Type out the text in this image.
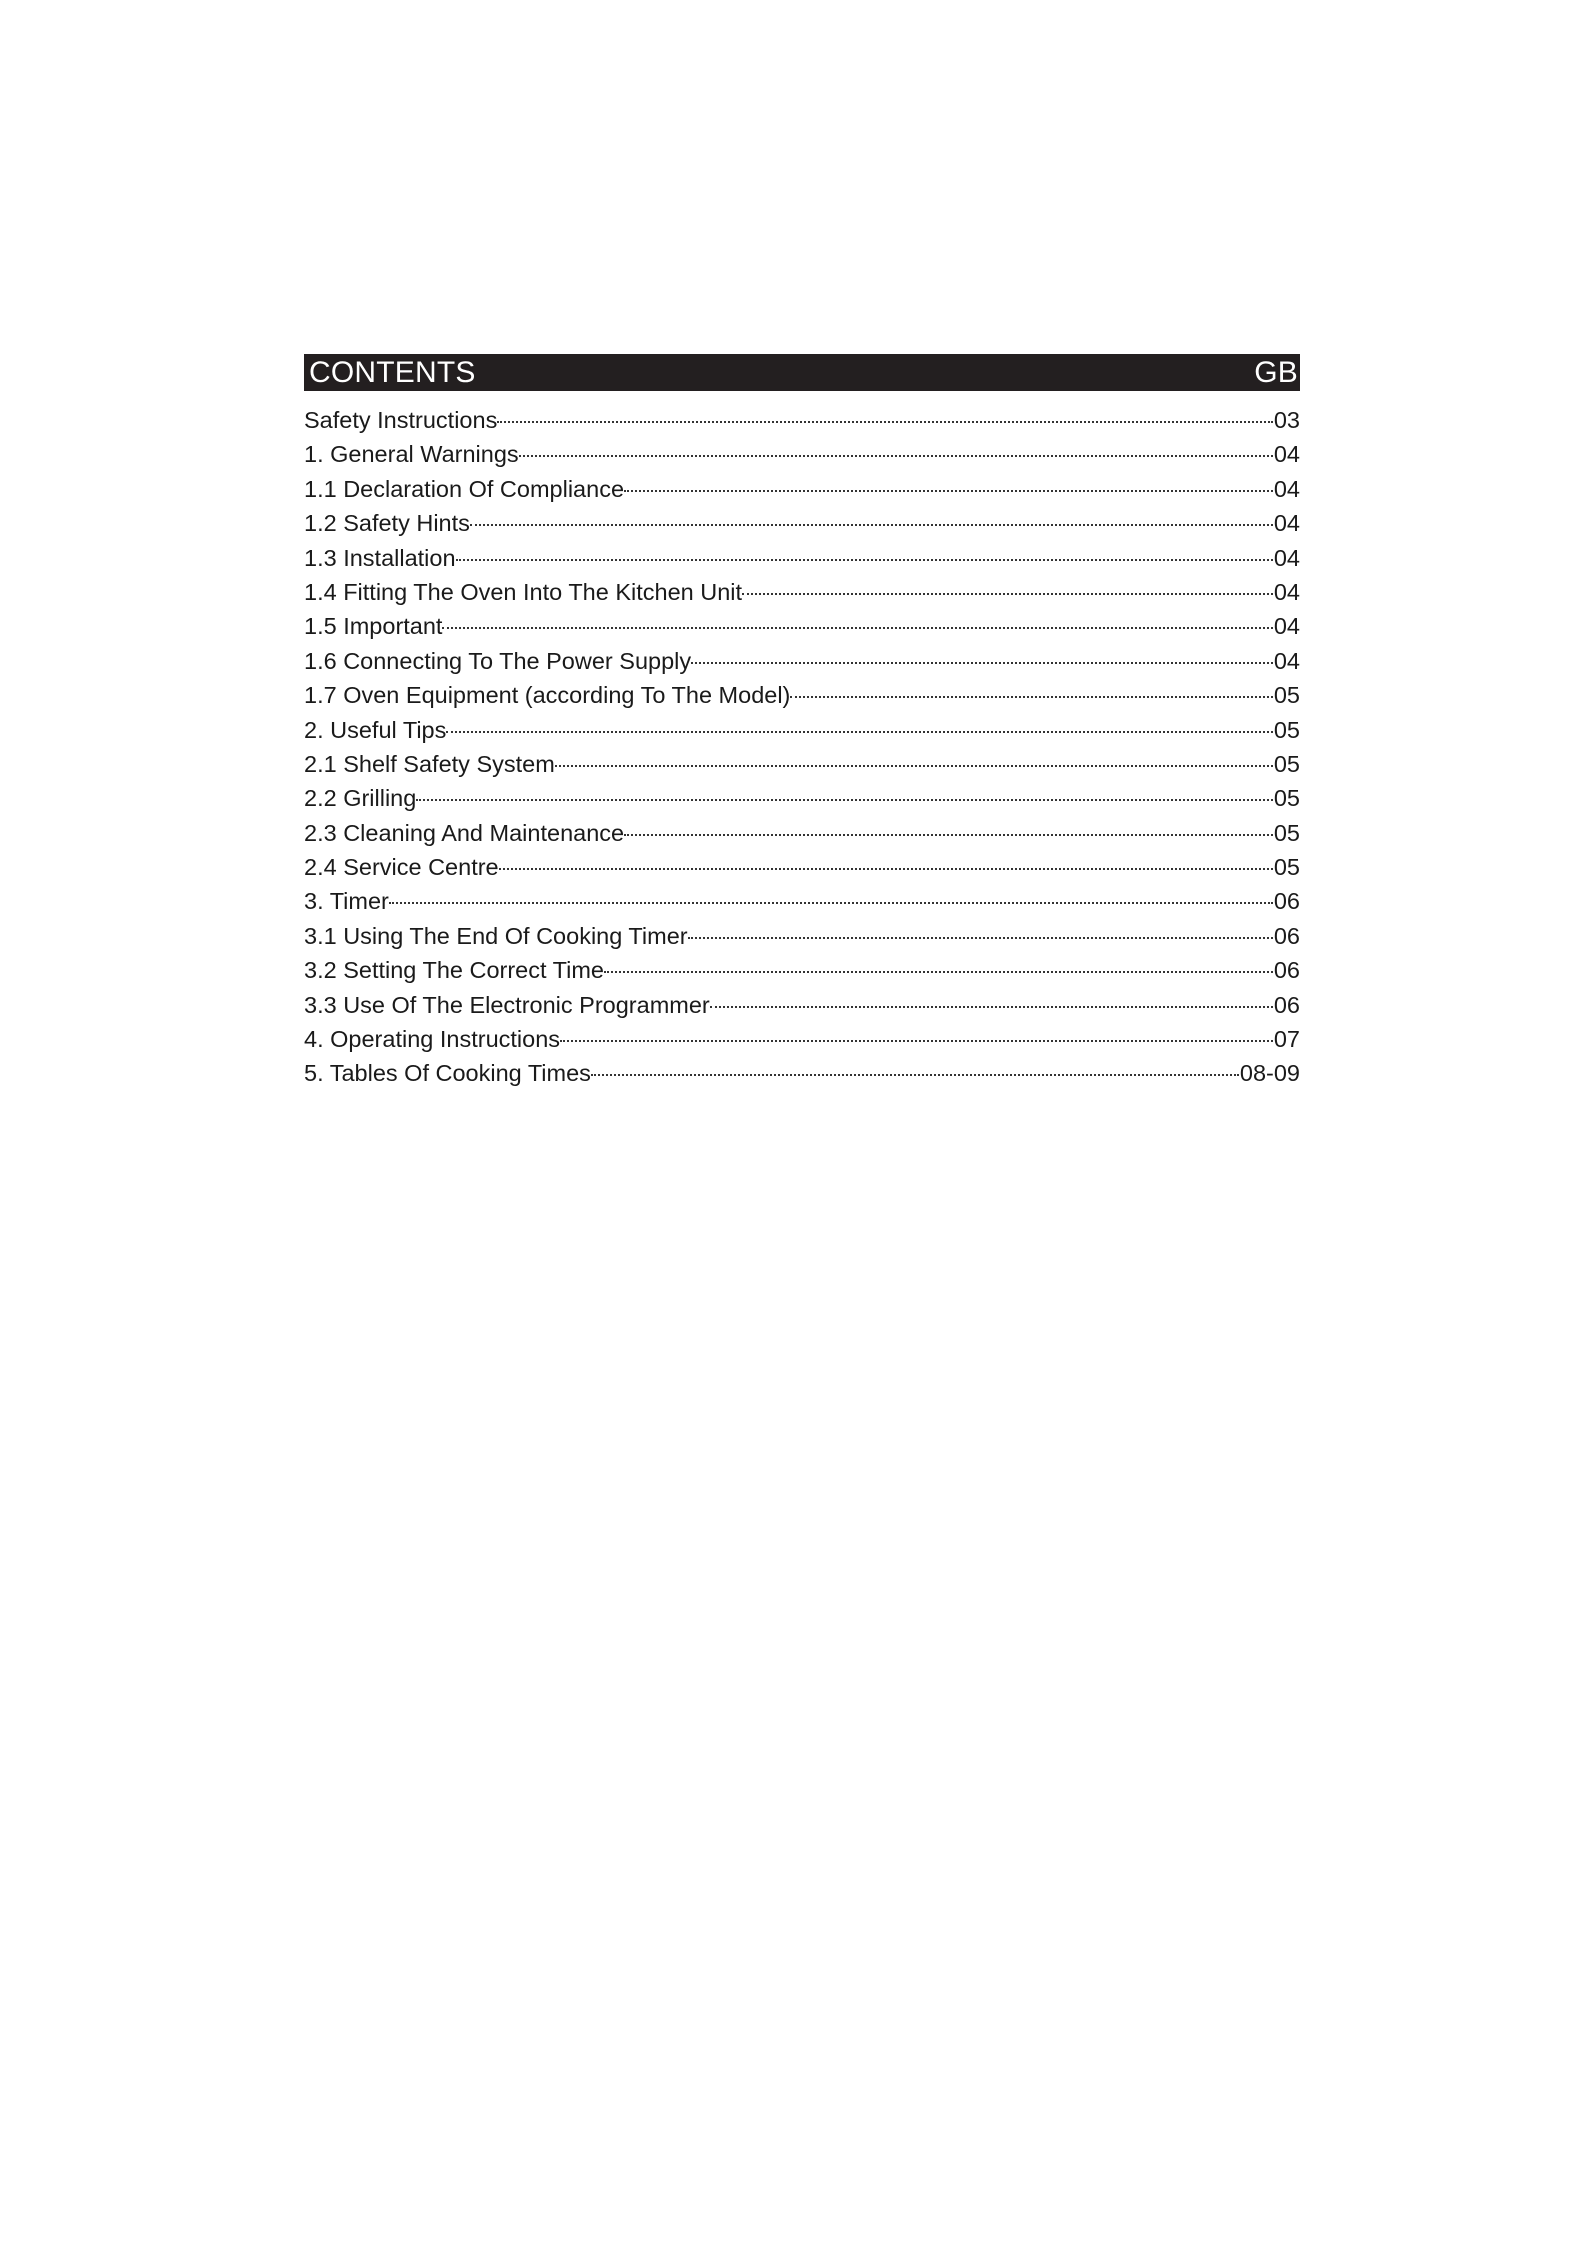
CONTENTS	GB
Safety Instructions	03
1. General Warnings	04
1.1 Declaration Of Compliance	04
1.2 Safety Hints	04
1.3 Installation	04
1.4 Fitting The Oven Into The Kitchen Unit	04
1.5 Important	04
1.6 Connecting To The Power Supply	04
1.7 Oven Equipment (according To The Model)	05
2. Useful Tips	05
2.1 Shelf Safety System	05
2.2 Grilling	05
2.3 Cleaning And Maintenance	05
2.4 Service Centre	05
3. Timer	06
3.1 Using The End Of Cooking Timer	06
3.2 Setting The Correct Time	06
3.3 Use Of The Electronic Programmer	06
4. Operating Instructions	07
5. Tables Of Cooking Times	08-09
